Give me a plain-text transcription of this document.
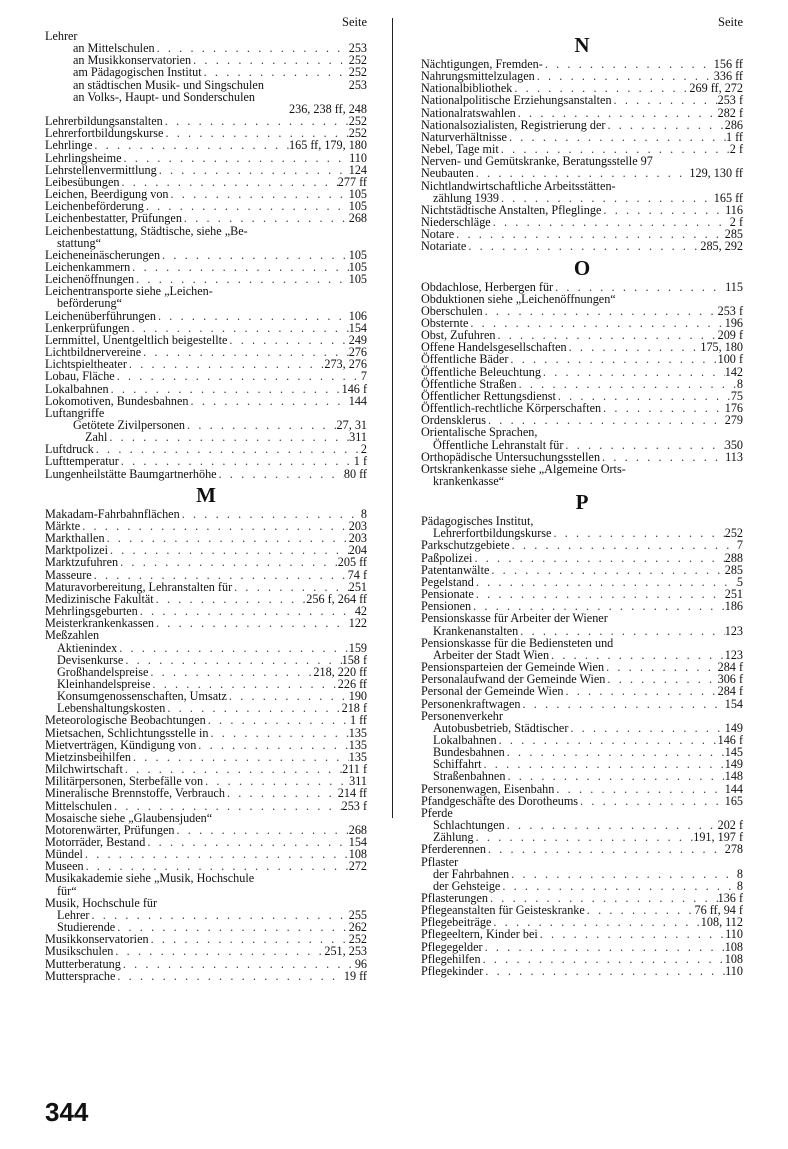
Seite
Lehrer
an Mittelschulen . . .	253
an Musikkonservatorien . . .	252
am Pädagogischen Institut . . .	252
an städtischen Musik- und Singschulen	253
an Volks-, Haupt- und Sonderschulen
236, 238 ff, 248
Lehrerbildungsanstalten . . .	252
Lehrerfortbildungskurse . . .	252
Lehrlinge . . .	165 ff, 179, 180
Lehrlingsheime . . .	110
Lehrstellenvermittlung . . .	124
Leibesübungen . . .	277 ff
Leichen, Beerdigung von . . .	105
Leichenbeförderung . . .	105
Leichenbestatter, Prüfungen . . .	268
Leichenbestattung, Städtische, siehe „Be-
stattung“
Leicheneinäscherungen . . .	105
Leichenkammern . . .	105
Leichenöffnungen . . .	105
Leichentransporte siehe „Leichen-
beförderung“
Leichenüberführungen . . .	106
Lenkerprüfungen . . .	154
Lernmittel, Unentgeltlich beigestellte . . .	249
Lichtbildnervereine . . .	276
Lichtspieltheater . . .	273, 276
Lobau, Fläche . . .	7
Lokalbahnen . . .	146 f
Lokomotiven, Bundesbahnen . . .	144
Luftangriffe
Getötete Zivilpersonen . . .	27, 31
Zahl . . .	311
Luftdruck . . .	2
Lufttemperatur . . .	1 f
Lungenheilstätte Baumgartnerhöhe . . .	80 ff
M
Makadam-Fahrbahnflächen . . .	8
Märkte . . .	203
Markthallen . . .	203
Marktpolizei . . .	204
Marktzufuhren . . .	205 ff
Masseure . . .	74 f
Maturavorbereitung, Lehranstalten für . . .	251
Medizinische Fakultät . . .	256 f, 264 ff
Mehrlingsgeburten . . .	42
Meisterkrankenkassen . . .	122
Meßzahlen
Aktienindex . . .	159
Devisenkurse . . .	158 f
Großhandelspreise . . .	218, 220 ff
Kleinhandelspreise . . .	226 ff
Konsumgenossenschaften, Umsatz . . .	190
Lebenshaltungskosten . . .	218 f
Meteorologische Beobachtungen . . .	1 ff
Mietsachen, Schlichtungsstelle in . . .	135
Mietverträgen, Kündigung von . . .	135
Mietzinsbeihilfen . . .	135
Milchwirtschaft . . .	211 f
Militärpersonen, Sterbefälle von . . .	311
Mineralische Brennstoffe, Verbrauch . . .	214 ff
Mittelschulen . . .	253 f
Mosaische siehe „Glaubensjuden“
Motorenwärter, Prüfungen . . .	268
Motorräder, Bestand . . .	154
Mündel . . .	108
Museen . . .	272
Musikakademie siehe „Musik, Hochschule
für“
Musik, Hochschule für
Lehrer . . .	255
Studierende . . .	262
Musikkonservatorien . . .	252
Musikschulen . . .	251, 253
Mutterberatung . . .	96
Muttersprache . . .	19 ff
Seite
N
Nächtigungen, Fremden- . . .	156 ff
Nahrungsmittelzulagen . . .	336 ff
Nationalbibliothek . . .	269 ff, 272
Nationalpolitische Erziehungsanstalten . . .	253 f
Nationalratswahlen . . .	282 f
Nationalsozialisten, Registrierung der . . .	286
Naturverhältnisse . . .	1 ff
Nebel, Tage mit . . .	2 f
Nerven- und Gemütskranke, Beratungsstelle 97
Neubauten . . .	129, 130 ff
Nichtlandwirtschaftliche Arbeitsstätten-
zählung 1939 . . .	165 ff
Nichtstädtische Anstalten, Pfleglinge . . .	116
Niederschläge . . .	2 f
Notare . . .	285
Notariate . . .	285, 292
O
Obdachlose, Herbergen für . . .	115
Obduktionen siehe „Leichenöffnungen“
Oberschulen . . .	253 f
Obsternte . . .	196
Obst, Zufuhren . . .	209 f
Offene Handelsgesellschaften . . .	175, 180
Öffentliche Bäder . . .	100 f
Öffentliche Beleuchtung . . .	142
Öffentliche Straßen . . .	8
Öffentlicher Rettungsdienst . . .	75
Öffentlich-rechtliche Körperschaften . . .	176
Ordensklerus . . .	279
Orientalische Sprachen,
Öffentliche Lehranstalt für . . .	350
Orthopädische Untersuchungsstellen . . .	113
Ortskrankenkasse siehe „Algemeine Orts-
krankenkasse“
P
Pädagogisches Institut,
Lehrerfortbildungskurse . . .	252
Parkschutzgebiete . . .	7
Paßpolizei . . .	288
Patentanwälte . . .	285
Pegelstand . . .	5
Pensionate . . .	251
Pensionen . . .	186
Pensionskasse für Arbeiter der Wiener
Krankenanstalten . . .	123
Pensionskasse für die Bediensteten und
Arbeiter der Stadt Wien . . .	123
Pensionsparteien der Gemeinde Wien . . .	284 f
Personalaufwand der Gemeinde Wien . . .	306 f
Personal der Gemeinde Wien . . .	284 f
Personenkraftwagen . . .	154
Personenverkehr
Autobusbetrieb, Städtischer . . .	149
Lokalbahnen . . .	146 f
Bundesbahnen . . .	145
Schiffahrt . . .	149
Straßenbahnen . . .	148
Personenwagen, Eisenbahn . . .	144
Pfandgeschäfte des Dorotheums . . .	165
Pferde
Schlachtungen . . .	202 f
Zählung . . .	191, 197 f
Pferderennen . . .	278
Pflaster
der Fahrbahnen . . .	8
der Gehsteige . . .	8
Pflasterungen . . .	136 f
Pflegeanstalten für Geisteskranke . . .	76 ff, 94 f
Pflegebeiträge . . .	108, 112
Pflegeeltern, Kinder bei . . .	110
Pflegegelder . . .	108
Pflegehilfen . . .	108
Pflegekinder . . .	110
344
